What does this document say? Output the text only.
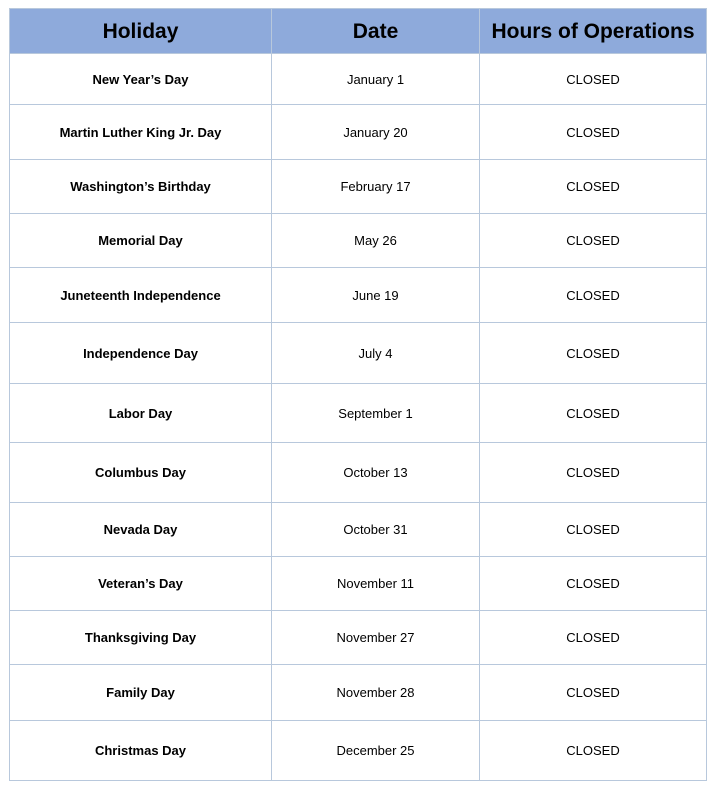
Holiday	Date	Hours of Operations
New Year’s Day	January 1	CLOSED
Martin Luther King Jr. Day	January 20	CLOSED
Washington’s Birthday	February 17	CLOSED
Memorial Day	May 26	CLOSED
Juneteenth Independence	June 19	CLOSED
Independence Day	July 4	CLOSED
Labor Day	September 1	CLOSED
Columbus Day	October 13	CLOSED
Nevada Day	October 31	CLOSED
Veteran’s Day	November 11	CLOSED
Thanksgiving Day	November 27	CLOSED
Family Day	November 28	CLOSED
Christmas Day	December 25	CLOSED
